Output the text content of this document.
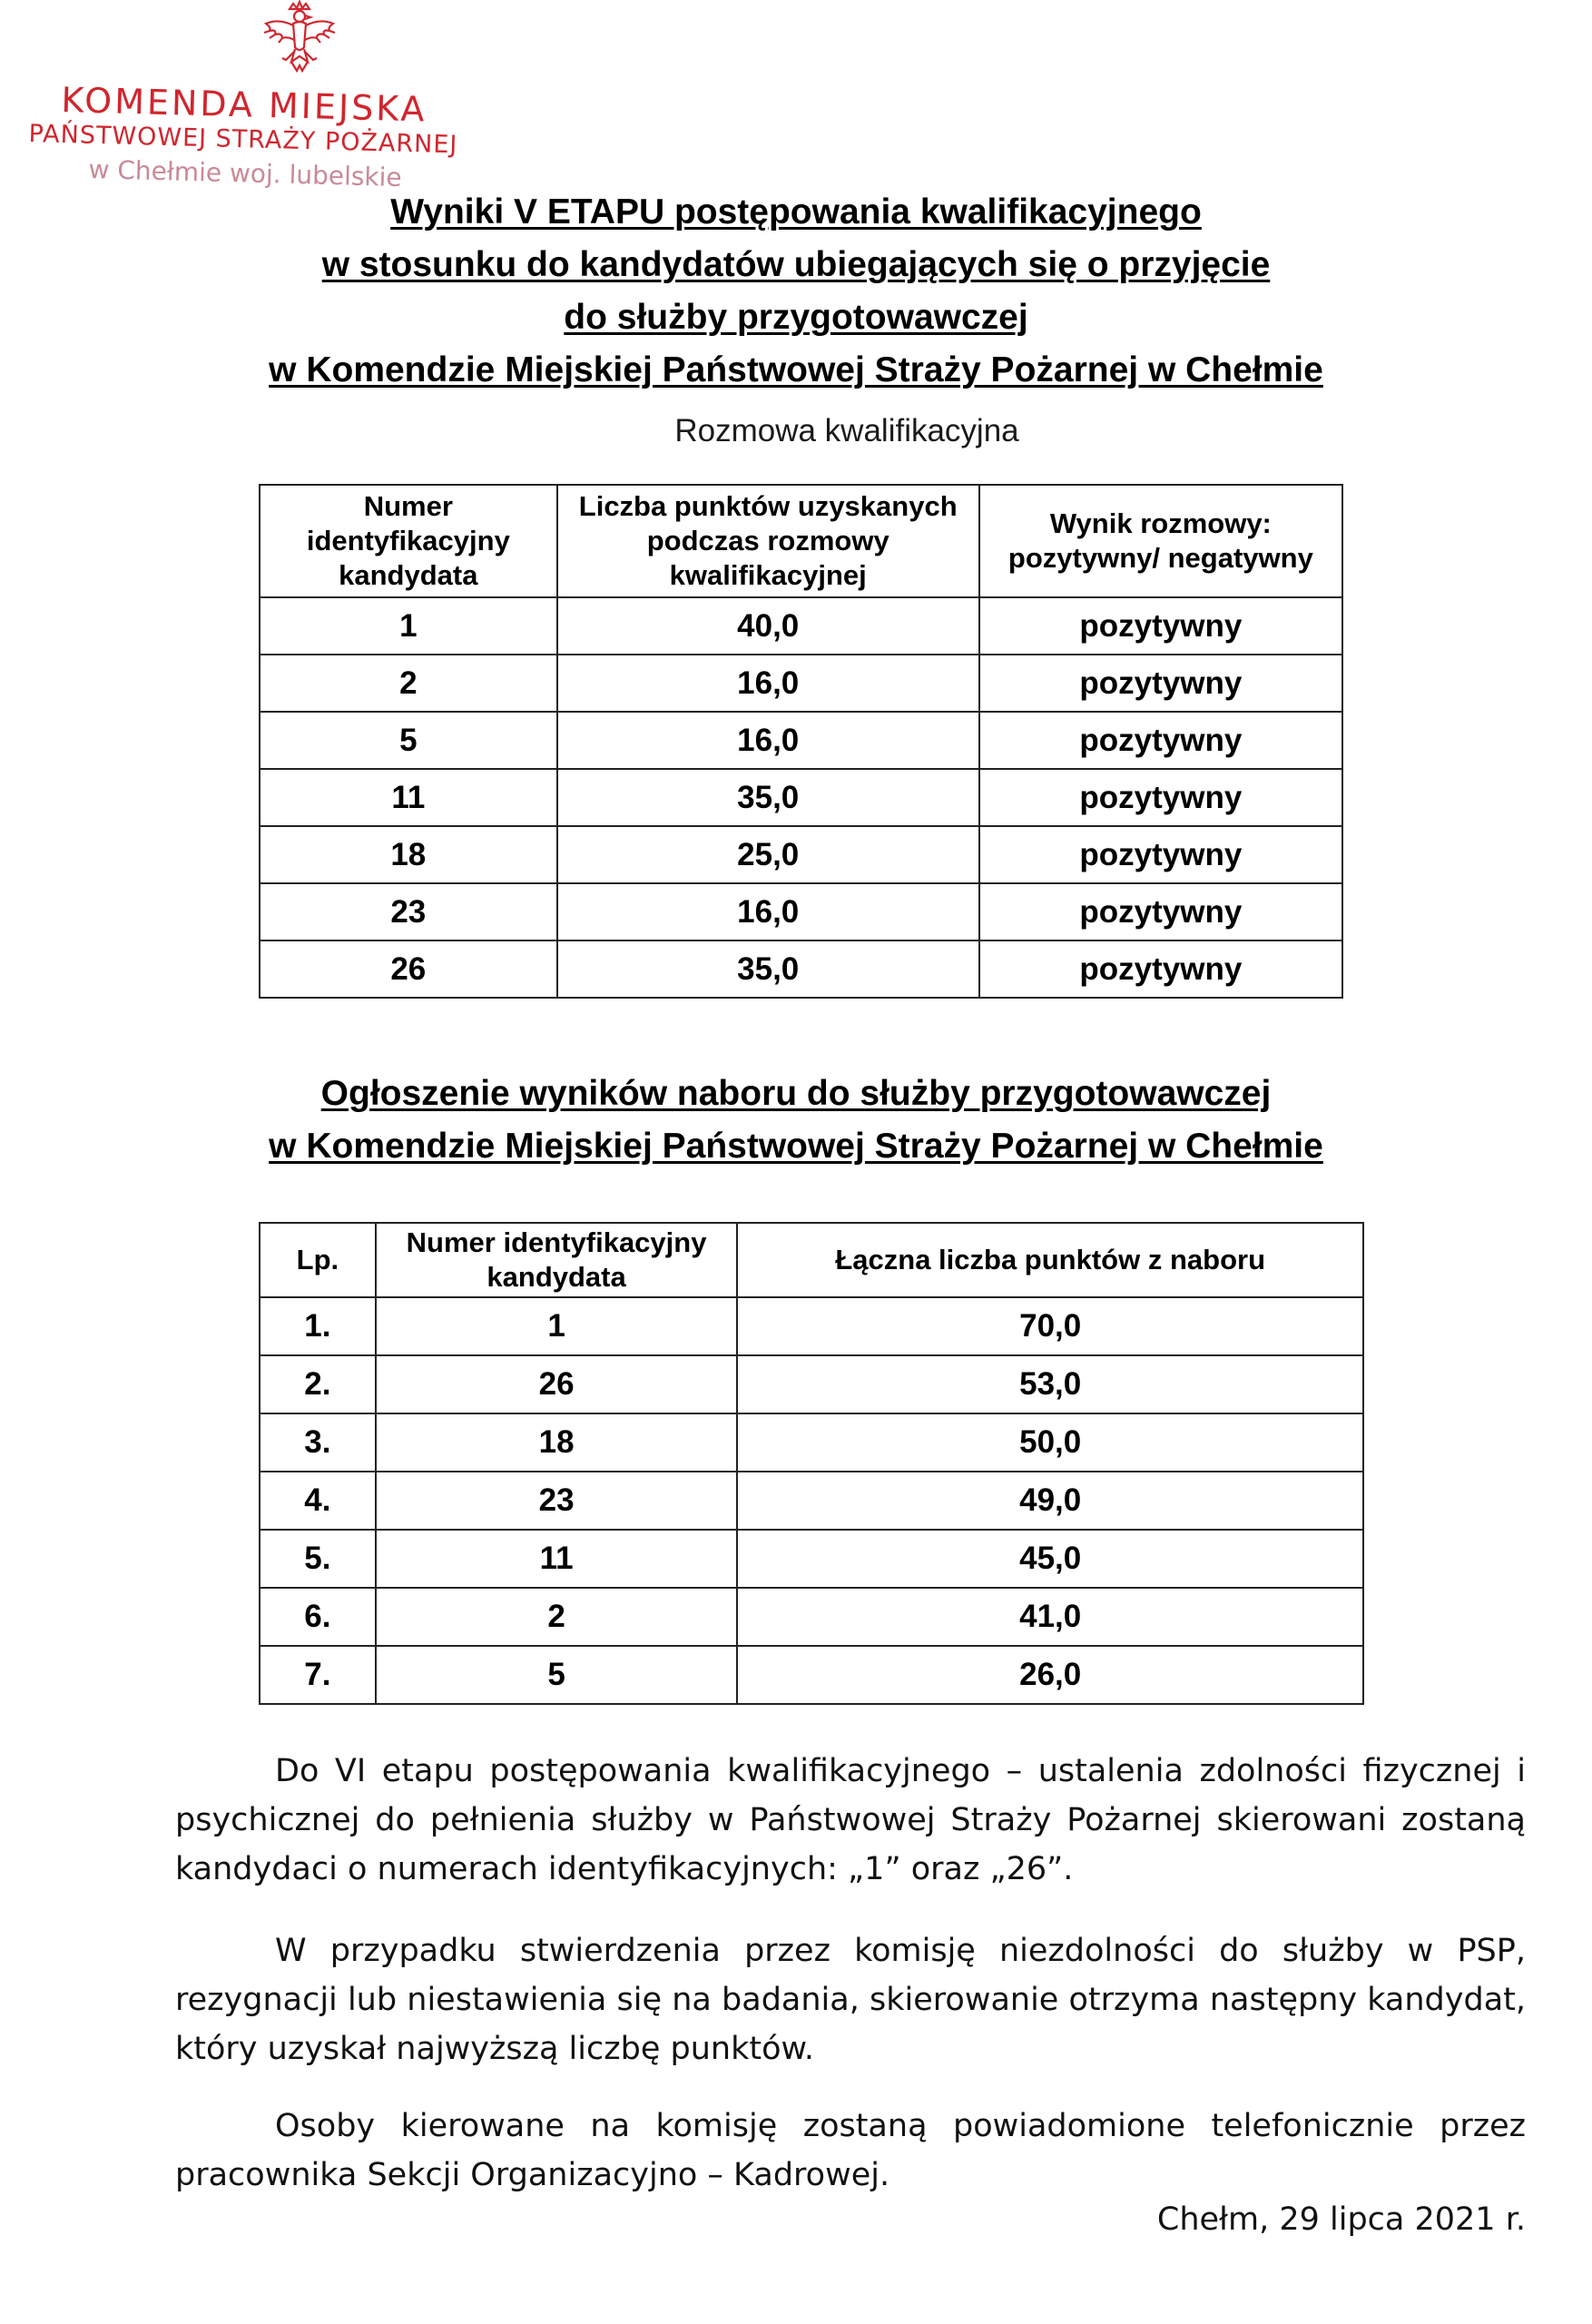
KOMENDA MIEJSKA
PAŃSTWOWEJ STRAŻY POŻARNEJ
w Chełmie woj. lubelskie
Wyniki V ETAPU postępowania kwalifikacyjnego
w stosunku do kandydatów ubiegających się o przyjęcie
do służby przygotowawczej
w Komendzie Miejskiej Państwowej Straży Pożarnej w Chełmie
Rozmowa kwalifikacyjna
Numer identyfikacyjny kandydata	Liczba punktów uzyskanych podczas rozmowy kwalifikacyjnej	Wynik rozmowy: pozytywny/ negatywny
1	40,0	pozytywny
2	16,0	pozytywny
5	16,0	pozytywny
11	35,0	pozytywny
18	25,0	pozytywny
23	16,0	pozytywny
26	35,0	pozytywny
Ogłoszenie wyników naboru do służby przygotowawczej
w Komendzie Miejskiej Państwowej Straży Pożarnej w Chełmie
Lp.	Numer identyfikacyjny kandydata	Łączna liczba punktów z naboru
1.	1	70,0
2.	26	53,0
3.	18	50,0
4.	23	49,0
5.	11	45,0
6.	2	41,0
7.	5	26,0
Do VI etapu postępowania kwalifikacyjnego – ustalenia zdolności fizycznej i psychicznej do pełnienia służby w Państwowej Straży Pożarnej skierowani zostaną kandydaci o numerach identyfikacyjnych: „1” oraz „26”.
W przypadku stwierdzenia przez komisję niezdolności do służby w PSP, rezygnacji lub niestawienia się na badania, skierowanie otrzyma następny kandydat, który uzyskał najwyższą liczbę punktów.
Osoby kierowane na komisję zostaną powiadomione telefonicznie przez pracownika Sekcji Organizacyjno – Kadrowej.
Chełm, 29 lipca 2021 r.
